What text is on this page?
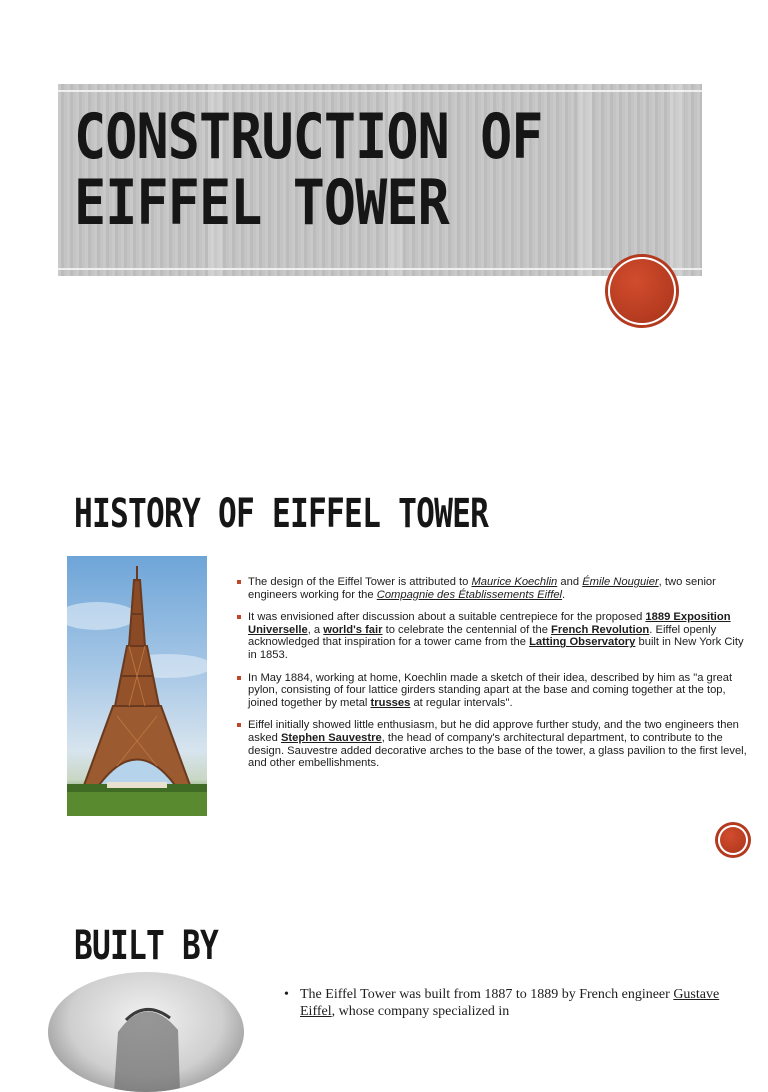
CONSTRUCTION OF
EIFFEL TOWER
HISTORY OF EIFFEL TOWER
The design of the Eiffel Tower is attributed to Maurice Koechlin and Émile Nouguier, two senior engineers working for the Compagnie des Établissements Eiffel.
It was envisioned after discussion about a suitable centrepiece for the proposed 1889 Exposition Universelle, a world's fair to celebrate the centennial of the French Revolution. Eiffel openly acknowledged that inspiration for a tower came from the Latting Observatory built in New York City in 1853.
In May 1884, working at home, Koechlin made a sketch of their idea, described by him as "a great pylon, consisting of four lattice girders standing apart at the base and coming together at the top, joined together by metal trusses at regular intervals".
Eiffel initially showed little enthusiasm, but he did approve further study, and the two engineers then asked Stephen Sauvestre, the head of company's architectural department, to contribute to the design. Sauvestre added decorative arches to the base of the tower, a glass pavilion to the first level, and other embellishments.
BUILT BY
• The Eiffel Tower was built from 1887 to 1889 by French engineer Gustave Eiffel, whose company specialized in
